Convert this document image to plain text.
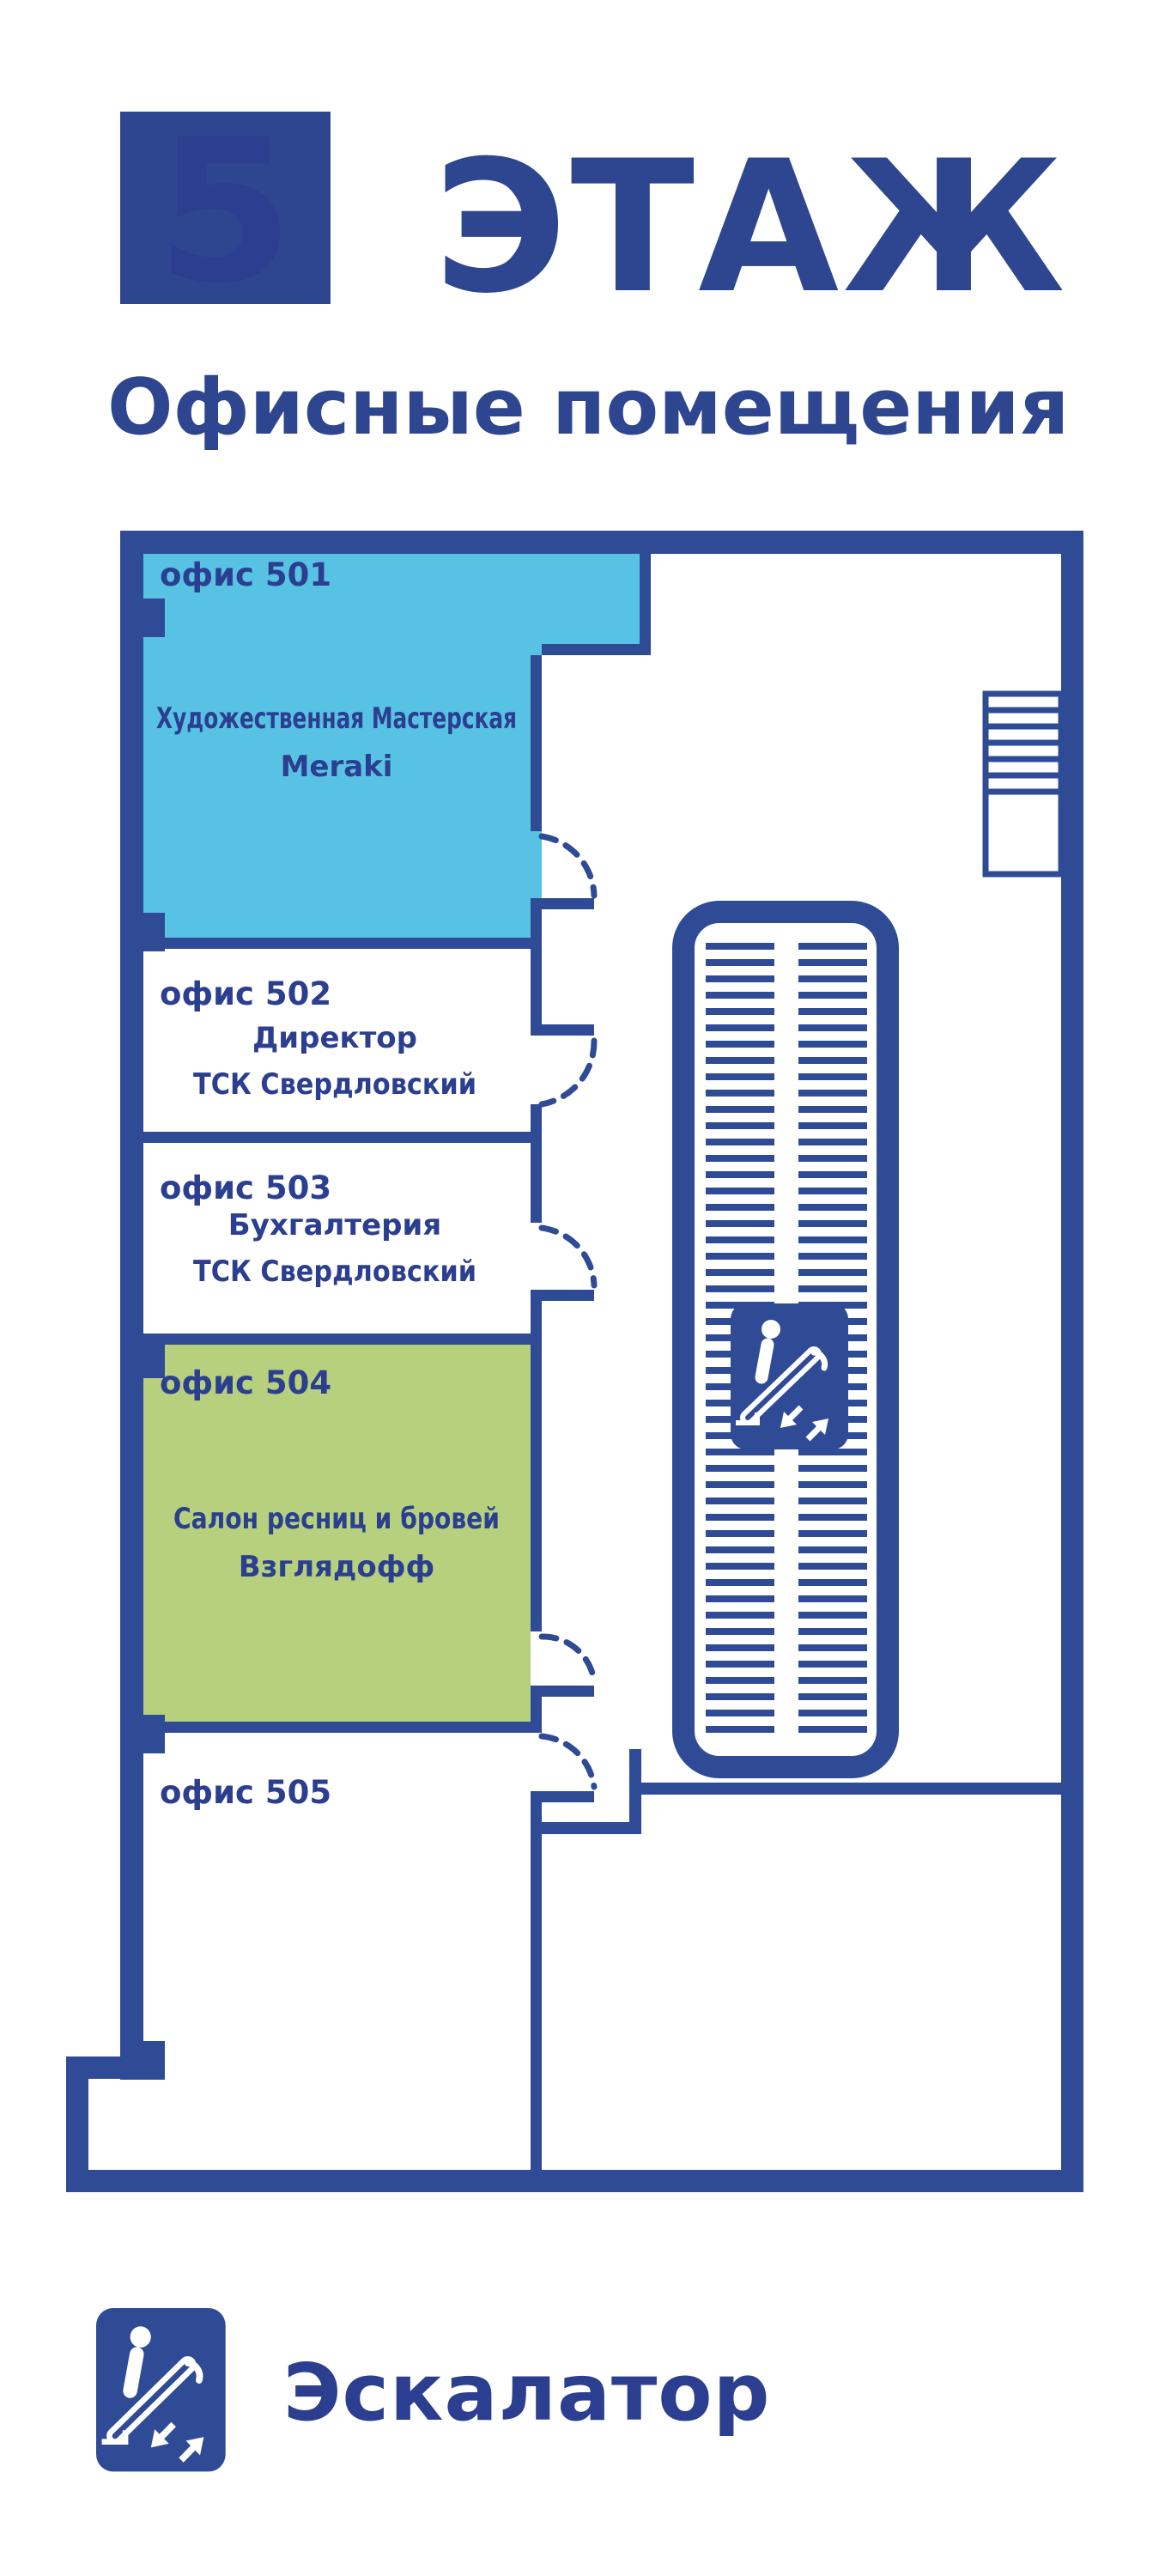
5 ЭТАЖ
Офисные помещения
офис 501
офис 502
офис 503
офис 504
офис 505
Художественная Мастерская
Meraki
Директор
ТСК Свердловский
Бухгалтерия
ТСК Свердловский
Салон ресниц и бровей
Взглядофф
Эскалатор
